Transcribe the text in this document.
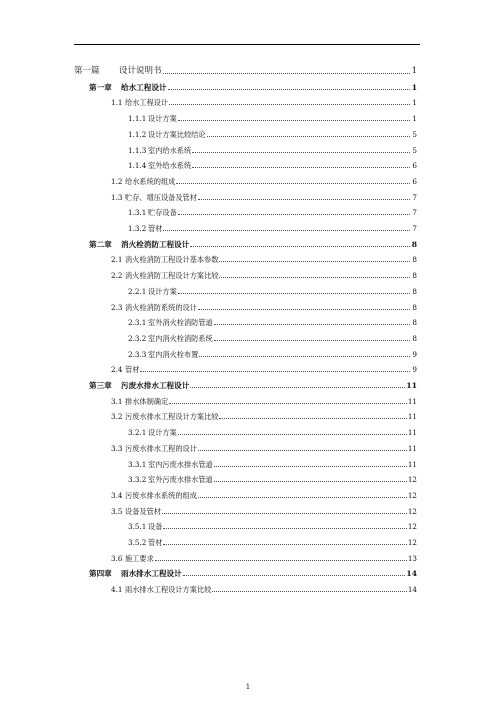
第一篇	设计说明书	1
第一章	给水工程设计	1
1.1 给水工程设计	1
1.1.1 设计方案	1
1.1.2 设计方案比较结论	5
1.1.3 室内给水系统	5
1.1.4 室外给水系统	6
1.2 给水系统的组成	6
1.3 贮存、增压设备及管材	7
1.3.1 贮存设备	7
1.3.2 管材	7
第二章	消火栓消防工程设计	8
2.1 消火栓消防工程设计基本参数	8
2.2 消火栓消防工程设计方案比较	8
2.2.1 设计方案	8
2.3 消火栓消防系统的设计	8
2.3.1 室外消火栓消防管道	8
2.3.2 室内消火栓消防系统	8
2.3.3 室内消火栓布置	9
2.4 管材	9
第三章	污废水排水工程设计	11
3.1 排水体制确定	11
3.2 污废水排水工程设计方案比较	11
3.2.1 设计方案	11
3.3 污废水排水工程的设计	11
3.3.1 室内污废水排水管道	11
3.3.2 室外污废水排水管道	12
3.4 污废水排水系统的组成	12
3.5 设备及管材	12
3.5.1 设备	12
3.5.2 管材	12
3.6 施工要求	13
第四章	雨水排水工程设计	14
4.1 雨水排水工程设计方案比较	14
1
